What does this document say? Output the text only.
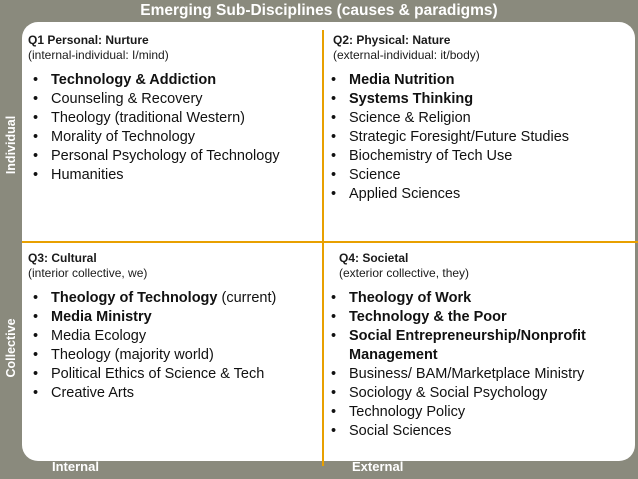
Emerging Sub-Disciplines (causes & paradigms)
Individual
Collective
Internal	External
Q1 Personal: Nurture
(internal-individual: I/mind)
• Technology & Addiction
• Counseling & Recovery
• Theology (traditional Western)
• Morality of Technology
• Personal Psychology of Technology
• Humanities
Q2: Physical: Nature
(external-individual: it/body)
• Media Nutrition
• Systems Thinking
• Science & Religion
• Strategic Foresight/Future Studies
• Biochemistry of Tech Use
• Science
• Applied Sciences
Q3: Cultural
(interior collective, we)
• Theology of Technology (current)
• Media Ministry
• Media Ecology
• Theology (majority world)
• Political Ethics of Science & Tech
• Creative Arts
Q4: Societal
(exterior collective, they)
• Theology of Work
• Technology & the Poor
• Social Entrepreneurship/Nonprofit Management
• Business/ BAM/Marketplace Ministry
• Sociology & Social Psychology
• Technology Policy
• Social Sciences
